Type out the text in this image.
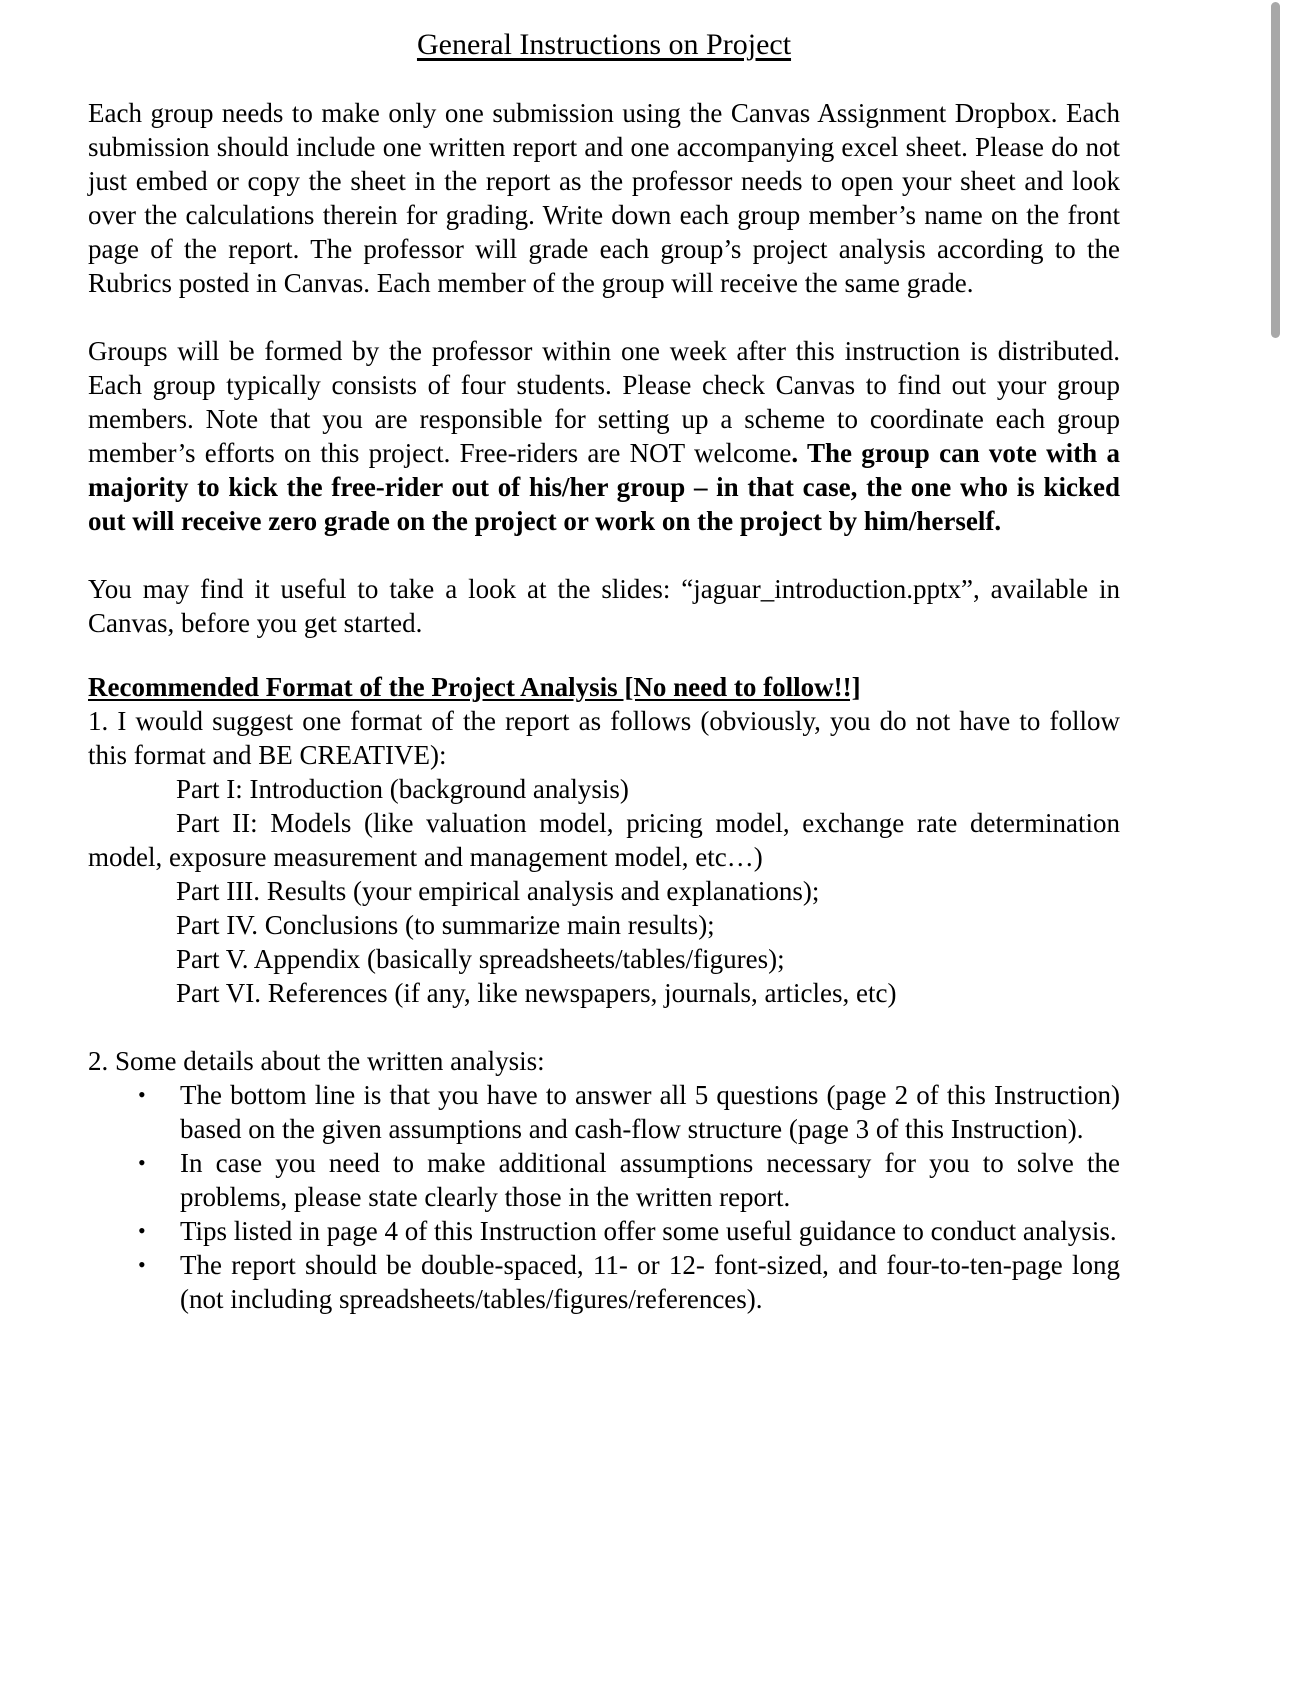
General Instructions on Project

Each group needs to make only one submission using the Canvas Assignment Dropbox. Each submission should include one written report and one accompanying excel sheet. Please do not just embed or copy the sheet in the report as the professor needs to open your sheet and look over the calculations therein for grading. Write down each group member’s name on the front page of the report. The professor will grade each group’s project analysis according to the Rubrics posted in Canvas. Each member of the group will receive the same grade.

Groups will be formed by the professor within one week after this instruction is distributed. Each group typically consists of four students. Please check Canvas to find out your group members. Note that you are responsible for setting up a scheme to coordinate each group member’s efforts on this project. Free-riders are NOT welcome. The group can vote with a majority to kick the free-rider out of his/her group – in that case, the one who is kicked out will receive zero grade on the project or work on the project by him/herself.

You may find it useful to take a look at the slides: “jaguar_introduction.pptx”, available in Canvas, before you get started.

Recommended Format of the Project Analysis [No need to follow!!]

1. I would suggest one format of the report as follows (obviously, you do not have to follow this format and BE CREATIVE):

Part I: Introduction (background analysis)

Part II: Models (like valuation model, pricing model, exchange rate determination model, exposure measurement and management model, etc…)

Part III. Results (your empirical analysis and explanations);

Part IV. Conclusions (to summarize main results);

Part V. Appendix (basically spreadsheets/tables/figures);

Part VI. References (if any, like newspapers, journals, articles, etc)

2. Some details about the written analysis:

• The bottom line is that you have to answer all 5 questions (page 2 of this Instruction) based on the given assumptions and cash-flow structure (page 3 of this Instruction).
• In case you need to make additional assumptions necessary for you to solve the problems, please state clearly those in the written report.
• Tips listed in page 4 of this Instruction offer some useful guidance to conduct analysis.
• The report should be double-spaced, 11- or 12- font-sized, and four-to-ten-page long (not including spreadsheets/tables/figures/references).
